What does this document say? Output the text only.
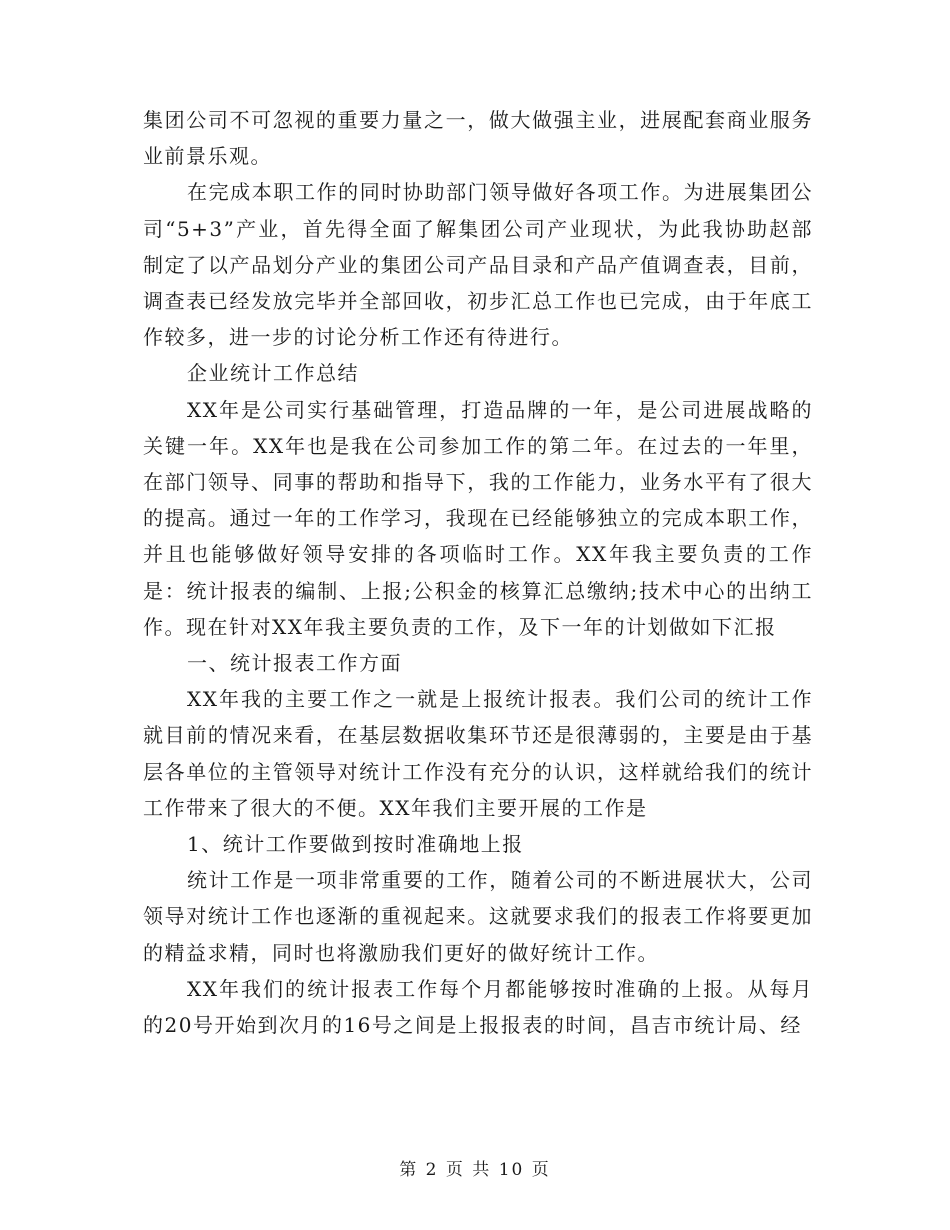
集团公司不可忽视的重要力量之一，做大做强主业，进展配套商业服务业前景乐观。

在完成本职工作的同时协助部门领导做好各项工作。为进展集团公司“5+3”产业，首先得全面了解集团公司产业现状，为此我协助赵部制定了以产品划分产业的集团公司产品目录和产品产值调查表，目前，调查表已经发放完毕并全部回收，初步汇总工作也已完成，由于年底工作较多，进一步的讨论分析工作还有待进行。

企业统计工作总结

XX年是公司实行基础管理，打造品牌的一年，是公司进展战略的关键一年。XX年也是我在公司参加工作的第二年。在过去的一年里，在部门领导、同事的帮助和指导下，我的工作能力，业务水平有了很大的提高。通过一年的工作学习，我现在已经能够独立的完成本职工作，并且也能够做好领导安排的各项临时工作。XX年我主要负责的工作是：统计报表的编制、上报;公积金的核算汇总缴纳;技术中心的出纳工作。现在针对XX年我主要负责的工作，及下一年的计划做如下汇报

一、统计报表工作方面

XX年我的主要工作之一就是上报统计报表。我们公司的统计工作就目前的情况来看，在基层数据收集环节还是很薄弱的，主要是由于基层各单位的主管领导对统计工作没有充分的认识，这样就给我们的统计工作带来了很大的不便。XX年我们主要开展的工作是

1、统计工作要做到按时准确地上报

统计工作是一项非常重要的工作，随着公司的不断进展状大，公司领导对统计工作也逐渐的重视起来。这就要求我们的报表工作将要更加的精益求精，同时也将激励我们更好的做好统计工作。

XX年我们的统计报表工作每个月都能够按时准确的上报。从每月的20号开始到次月的16号之间是上报报表的时间，昌吉市统计局、经

第 2 页 共 10 页
